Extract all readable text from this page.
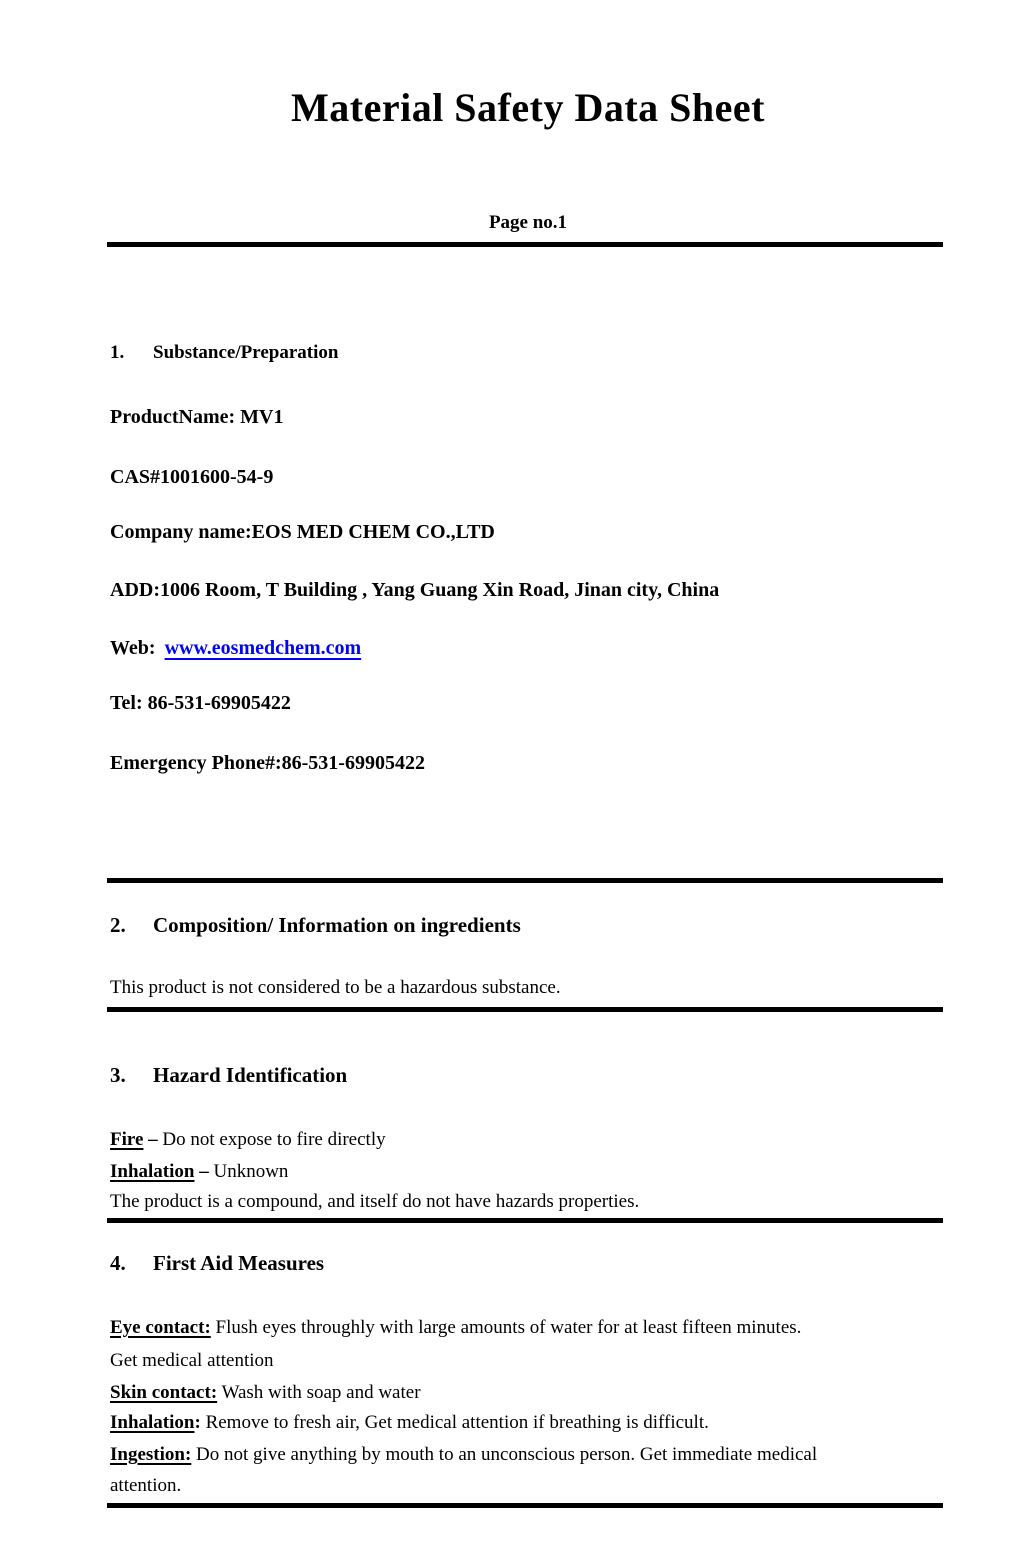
Material Safety Data Sheet
Page no.1
1. Substance/Preparation
ProductName: MV1
CAS#1001600-54-9
Company name:EOS MED CHEM CO.,LTD
ADD:1006 Room, T Building , Yang Guang Xin Road, Jinan city, China
Web: www.eosmedchem.com
Tel: 86-531-69905422
Emergency Phone#:86-531-69905422
2. Composition/ Information on ingredients
This product is not considered to be a hazardous substance.
3. Hazard Identification
Fire – Do not expose to fire directly
Inhalation – Unknown
The product is a compound, and itself do not have hazards properties.
4. First Aid Measures
Eye contact: Flush eyes throughly with large amounts of water for at least fifteen minutes.
Get medical attention
Skin contact: Wash with soap and water
Inhalation: Remove to fresh air, Get medical attention if breathing is difficult.
Ingestion: Do not give anything by mouth to an unconscious person. Get immediate medical
attention.
